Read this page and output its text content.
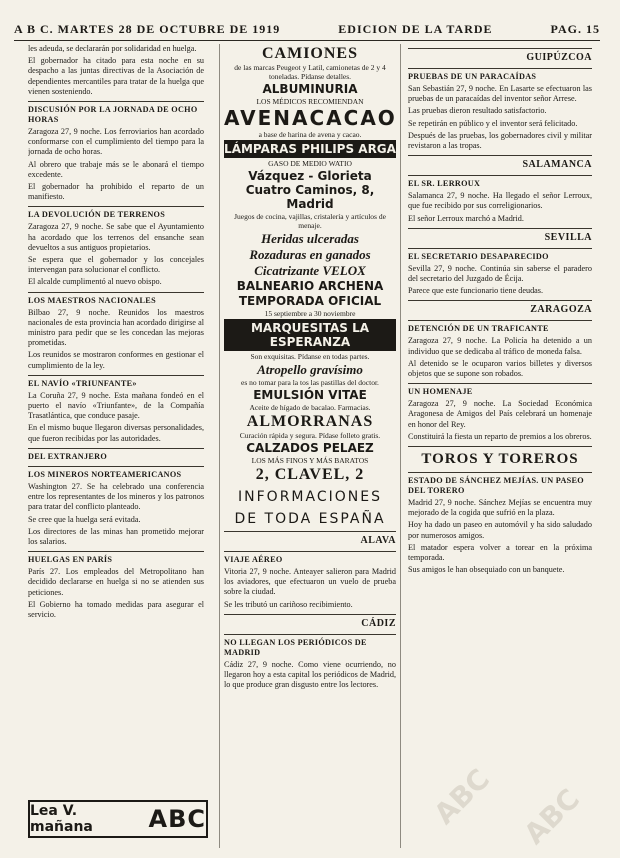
A B C. MARTES 28 DE OCTUBRE DE 1919	EDICION DE LA TARDE	PAG. 15

les adeuda, se declararán por solidaridad en huelga.

El gobernador ha citado para esta noche en su despacho a las juntas directivas de la Asociación de dependientes mercantiles para tratar de la huelga que vienen sosteniendo.

DISCUSIÓN POR LA JORNADA DE OCHO HORAS

Zaragoza 27, 9 noche. Los ferroviarios han acordado conformarse con el cumplimiento del tiempo para la jornada de ocho horas.

Al obrero que trabaje más se le abonará el tiempo excedente.

El gobernador ha prohibido el reparto de un manifiesto.

LA DEVOLUCIÓN DE TERRENOS

Zaragoza 27, 9 noche. Se sabe que el Ayuntamiento ha acordado que los terrenos del ensanche sean devueltos a sus antiguos propietarios.

Se espera que el gobernador y los concejales intervengan para solucionar el conflicto.

El alcalde cumplimentó al nuevo obispo.

LOS MAESTROS NACIONALES

Bilbao 27, 9 noche. Reunidos los maestros nacionales de esta provincia han acordado dirigirse al ministro para pedir que se les concedan las mejoras prometidas.

Los reunidos se mostraron conformes en gestionar el cumplimiento de la ley.

EL NAVÍO «TRIUNFANTE»

La Coruña 27, 9 noche. Esta mañana fondeó en el puerto el navío «Triunfante», de la Compañía Trasatlántica, que conduce pasaje.

En el mismo buque llegaron diversas personalidades, que fueron recibidas por las autoridades.

DEL EXTRANJERO
LOS MINEROS NORTEAMERICANOS

Washington 27. Se ha celebrado una conferencia entre los representantes de los mineros y los patronos para tratar del conflicto planteado.

Se cree que la huelga será evitada.

Los directores de las minas han prometido mejorar los salarios.

HUELGAS EN PARÍS

París 27. Los empleados del Metropolitano han decidido declararse en huelga si no se atienden sus peticiones.

El Gobierno ha tomado medidas para asegurar el servicio.

CAMIONES
de las marcas Peugeot y Latil, camionetas de 2 y 4 toneladas. Pídanse detalles.
ALBUMINURIA
LOS MÉDICOS RECOMIENDAN
AVENACACAO
a base de harina de avena y cacao.
LÁMPARAS PHILIPS ARGA
GASO DE MEDIO WATIO
Vázquez - Glorieta Cuatro Caminos, 8, Madrid
Juegos de cocina, vajillas, cristalería y artículos de menaje.
Heridas ulceradas
Rozaduras en ganados
Cicatrizante VELOX
BALNEARIO ARCHENA
TEMPORADA OFICIAL
15 septiembre a 30 noviembre
MARQUESITAS LA ESPERANZA
Son exquisitas. Pídanse en todas partes.
Atropello gravísimo
es no tomar para la tos las pastillas del doctor.
EMULSIÓN VITAE
Aceite de hígado de bacalao. Farmacias.
ALMORRANAS
Curación rápida y segura. Pídase folleto gratis.
CALZADOS PELAEZ
LOS MÁS FINOS Y MÁS BARATOS
2, CLAVEL, 2
INFORMACIONES
DE TODA ESPAÑA
ALAVA
VIAJE AÉREO

Vitoria 27, 9 noche. Anteayer salieron para Madrid los aviadores, que efectuaron un vuelo de prueba sobre la ciudad.

Se les tributó un cariñoso recibimiento.

CÁDIZ
NO LLEGAN LOS PERIÓDICOS DE MADRID

Cádiz 27, 9 noche. Como viene ocurriendo, no llegaron hoy a esta capital los periódicos de Madrid, lo que produce gran disgusto entre los lectores.

GUIPÚZCOA
PRUEBAS DE UN PARACAÍDAS

San Sebastián 27, 9 noche. En Lasarte se efectuaron las pruebas de un paracaídas del inventor señor Arrese.

Las pruebas dieron resultado satisfactorio.

Se repetirán en público y el inventor será felicitado.

Después de las pruebas, los gobernadores civil y militar revistaron a las tropas.

SALAMANCA
EL SR. LERROUX

Salamanca 27, 9 noche. Ha llegado el señor Lerroux, que fue recibido por sus correligionarios.

El señor Lerroux marchó a Madrid.

SEVILLA
EL SECRETARIO DESAPARECIDO

Sevilla 27, 9 noche. Continúa sin saberse el paradero del secretario del Juzgado de Écija.

Parece que este funcionario tiene deudas.

ZARAGOZA
DETENCIÓN DE UN TRAFICANTE

Zaragoza 27, 9 noche. La Policía ha detenido a un individuo que se dedicaba al tráfico de moneda falsa.

Al detenido se le ocuparon varios billetes y diversos objetos que se supone son robados.

UN HOMENAJE

Zaragoza 27, 9 noche. La Sociedad Económica Aragonesa de Amigos del País celebrará un homenaje en honor del Rey.

Constituirá la fiesta un reparto de premios a los obreros.

TOROS Y TOREROS
ESTADO DE SÁNCHEZ MEJÍAS. UN PASEO DEL TORERO

Madrid 27, 9 noche. Sánchez Mejías se encuentra muy mejorado de la cogida que sufrió en la plaza.

Hoy ha dado un paseo en automóvil y ha sido saludado por numerosos amigos.

El matador espera volver a torear en la próxima temporada.

Sus amigos le han obsequiado con un banquete.

Lea V. mañana	ABC	ABC ABC
